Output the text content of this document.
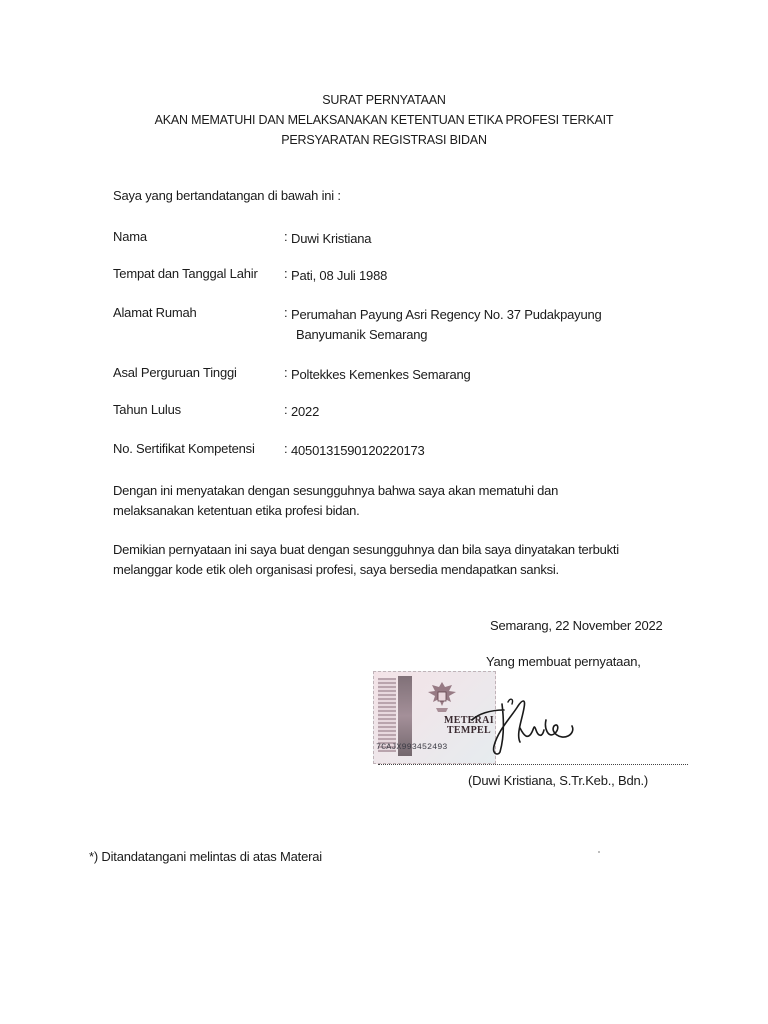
SURAT PERNYATAAN
AKAN MEMATUHI DAN MELAKSANAKAN KETENTUAN ETIKA PROFESI TERKAIT
PERSYARATAN REGISTRASI BIDAN
Saya yang bertandatangan di bawah ini :
Nama	: Duwi Kristiana
Tempat dan Tanggal Lahir : Pati, 08 Juli 1988
Alamat Rumah	: Perumahan Payung Asri Regency No. 37 Pudakpayung
Banyumanik Semarang
Asal Perguruan Tinggi	: Poltekkes Kemenkes Semarang
Tahun Lulus	: 2022
No. Sertifikat Kompetensi : 4050131590120220173
Dengan ini menyatakan dengan sesungguhnya bahwa saya akan mematuhi dan
melaksanakan ketentuan etika profesi bidan.
Demikian pernyataan ini saya buat dengan sesungguhnya dan bila saya dinyatakan terbukti
melanggar kode etik oleh organisasi profesi, saya bersedia mendapatkan sanksi.
Semarang, 22 November 2022
Yang membuat pernyataan,
METERAI
TEMPEL
7CAJX993452493
(Duwi Kristiana, S.Tr.Keb., Bdn.)
*) Ditandatangani melintas di atas Materai
